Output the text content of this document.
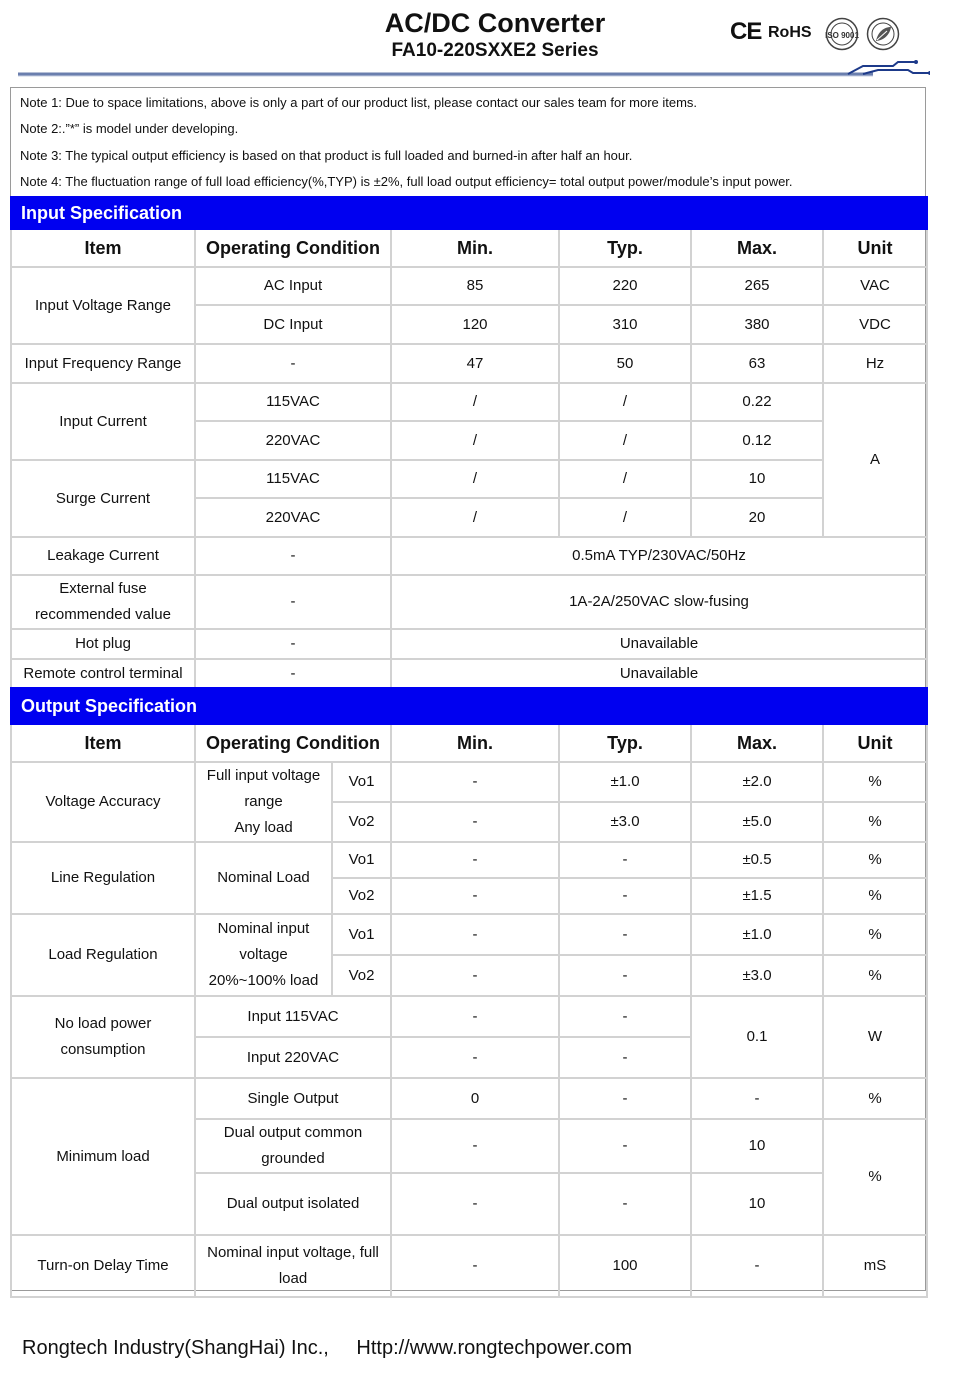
AC/DC Converter
FA10-220SXXE2 Series
CE RoHS ISO 9001
Note 1: Due to space limitations, above is only a part of our product list, please contact our sales team for more items.
Note 2:.”*” is model under developing.
Note 3: The typical output efficiency is based on that product is full loaded and burned-in after half an hour.
Note 4: The fluctuation range of full load efficiency(%,TYP) is ±2%, full load output efficiency= total output power/module’s input power.
Input Specification					
Item	Operating Condition	Min.	Typ.	Max.	Unit
Input Voltage Range	AC Input	85	220	265	VAC
	DC Input	120	310	380	VDC
Input Frequency Range	-	47	50	63	Hz
Input Current	115VAC	/	/	0.22	A
	220VAC	/	/	0.12	
Surge Current	115VAC	/	/	10	
	220VAC	/	/	20	
Leakage Current	-	0.5mA TYP/230VAC/50Hz			

External fuse
recommended value	-	1A-2A/250VAC slow-fusing			
Hot plug	-	Unavailable			
Remote control terminal	-	Unavailable			
Output Specification						
Item	Operating Condition		Min.	Typ.	Max.	Unit
Voltage Accuracy	Full input voltage
range
Any load	Vo1	-	±1.0	±2.0	%
		Vo2	-	±3.0	±5.0	%
Line Regulation	Nominal Load	Vo1	-	-	±0.5	%
		Vo2	-	-	±1.5	%
Load Regulation	Nominal input
voltage
20%~100% load	Vo1	-	-	±1.0	%
		Vo2	-	-	±3.0	%

No load power
consumption	Input 115VAC		-	-	0.1	W
	Input 220VAC		-	-		
Minimum load	Single Output		0	-	-	%

	Dual output common
grounded		-	-	10	%
	Dual output isolated		-	-	10	
Turn-on Delay Time	Nominal input voltage, full
load		-	100	-	mS
Rongtech Industry(ShangHai) Inc., Http://www.rongtechpower.com
